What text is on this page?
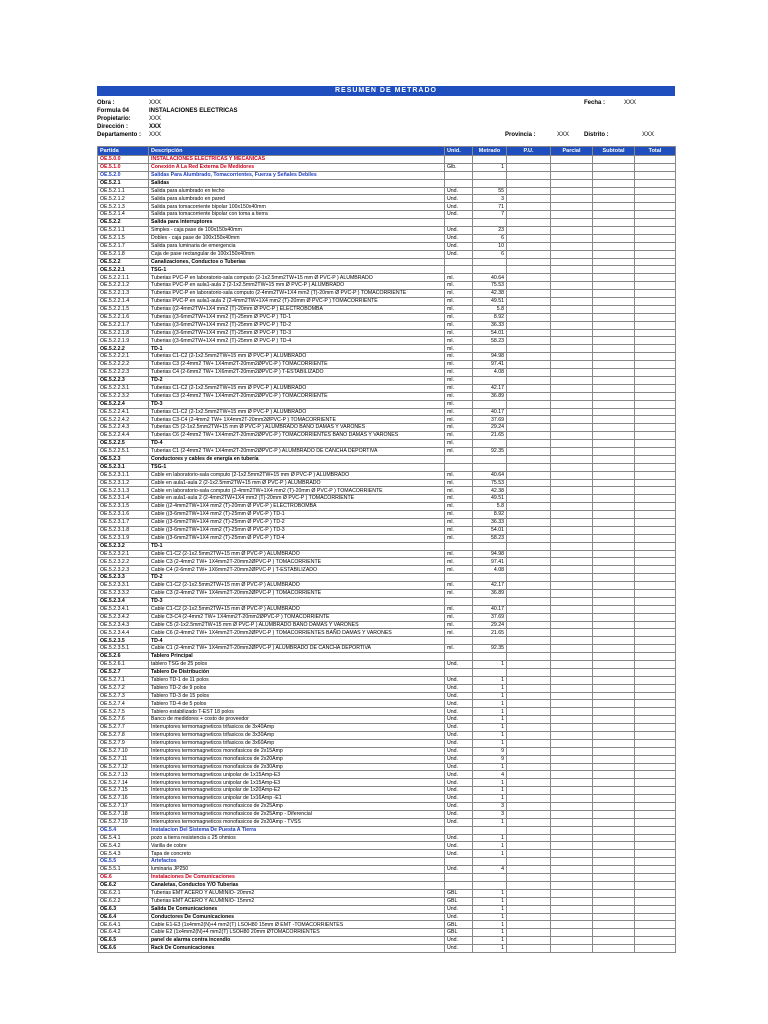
RESUMEN DE METRADO
Obra :	XXX
Formula 04	INSTALACIONES ELECTRICAS
Propietario:	XXX
Dirección :	XXX
Departamento : XXX
Fecha :	XXX
Provincia :	XXX Distrito :	XXX
Partida	Descripción	Unid.	Metrado	P.U.	Parcial	Subtotal	Total
OE.5.0.0	INSTALACIONES ELECTRICAS Y MECANICAS						
OE.5.1.0	Conexión A La Red Externa De Medidores	Glb.	1				
OE.5.2.0	Salidas Para Alumbrado, Tomacorrientes, Fuerza y Señales Debiles						
OE.5.2.1	Salidas						
OE.5.2.1.1	Salida para alumbrado en techo	Und.	55				
OE.5.2.1.2	Salida para alumbrado en pared	Und.	3				
OE.5.2.1.3	Salida para tomacorriente bipolar 100x150x40mm	Und.	71				
OE.5.2.1.4	Salida para tomacorriente bipolar con toma a tierra	Und.	7				
OE.5.2.2	Salida para interruptores						
OE.5.2.1.1	Simples - caja pase de 100x150x40mm	Und.	23				
OE.5.2.1.5	Dobles - caja pase de 100x150x40mm	Und.	6				
OE.5.2.1.7	Salida para luminaria de emergencia	Und.	10				
OE.5.2.1.8	Caja de pase rectangular de 100x150x40mm	Und.	6				
OE.5.2.2	Canalizaciones, Conductos o Tuberias						
OE.5.2.2.1	TSG-1						
OE.5.2.2.1.1	Tuberias PVC-P en laboratorio-sala computo (2-1x2.5mm2TW+15 mm Ø PVC-P ) ALUMBRADO	ml.	40.64				
OE.5.2.2.1.2	Tuberias PVC-P en aula1-aula 2 (2-1x2.5mm2TW+15 mm Ø PVC-P ) ALUMBRADO	ml.	75.53				
OE.5.2.2.1.3	Tuberias PVC-P en laboratorio-sala computo (2-4mm2TW+1X4 mm2 (T)-20mm Ø PVC-P ) TOMACORRIENTE	ml.	42.38				
OE.5.2.2.1.4	Tuberias PVC-P en aula1-aula 2 (2-4mm2TW+1X4 mm2 (T)-20mm Ø PVC-P ) TOMACORRIENTE	ml.	49.51				
OE.5.2.2.1.5	Tuberias ((2-4mm2TW+1X4 mm2 (T)-20mm Ø PVC-P ) ELECTROBOMBA	ml.	5.8				
OE.5.2.2.1.6	Tuberias ((3-6mm2TW+1X4 mm2 (T)-25mm Ø PVC-P ) TD-1	ml.	8.92				
OE.5.2.2.1.7	Tuberias ((3-6mm2TW+1X4 mm2 (T)-25mm Ø PVC-P ) TD-2	ml.	36.33				
OE.5.2.2.1.8	Tuberias ((3-6mm2TW+1X4 mm2 (T)-25mm Ø PVC-P ) TD-3	ml.	54.01				
OE.5.2.2.1.9	Tuberias ((3-6mm2TW+1X4 mm2 (T)-25mm Ø PVC-P ) TD-4	ml.	58.23				
OE.5.2.2.2	TD-1	ml.					
OE.5.2.2.2.1	Tuberias C1-C2 (2-1x2.5mm2TW+15 mm Ø PVC-P ) ALUMBRADO	ml.	94.98				
OE.5.2.2.2.2	Tuberias C3 (2-4mm2 TW+ 1X4mm2T-20mm2ØPVC-P ) TOMACORRIENTE	ml.	97.41				
OE.5.2.2.2.3	Tuberias C4 (2-6mm2 TW+ 1X6mm2T-20mm2ØPVC-P ) T-ESTABILIZADO	ml.	4.08				
OE.5.2.2.3	TD-2	ml.					
OE.5.2.2.3.1	Tuberias C1-C2 (2-1x2.5mm2TW+15 mm Ø PVC-P ) ALUMBRADO	ml.	42.17				
OE.5.2.2.3.2	Tuberias C3 (2-4mm2 TW+ 1X4mm2T-20mm2ØPVC-P ) TOMACORRIENTE	ml.	36.89				
OE.5.2.2.4	TD-3	ml.					
OE.5.2.2.4.1	Tuberias C1-C2 (2-1x2.5mm2TW+15 mm Ø PVC-P ) ALUMBRADO	ml.	40.17				
OE.5.2.2.4.2	Tuberias C3-C4 (2-4mm2 TW+ 1X4mm2T-20mm2ØPVC-P ) TOMACORRIENTE	ml.	37.69				
OE.5.2.2.4.3	Tuberias C5 (2-1x2.5mm2TW+15 mm Ø PVC-P ) ALUMBRADO BAÑO DAMAS Y VARONES	ml.	29.24				
OE.5.2.2.4.4	Tuberias C6 (2-4mm2 TW+ 1X4mm2T-20mm2ØPVC-P ) TOMACORRIENTES BAÑO DAMAS Y VARONES	ml.	21.65				
OE.5.2.2.5	TD-4	ml.					
OE.5.2.2.5.1	Tuberias C1 (2-4mm2 TW+ 1X4mm2T-20mm2ØPVC-P ) ALUMBRADO DE CANCHA DEPORTIVA	ml.	92.35				
OE.5.2.3	Conductores y cables de energía en tubería						
OE.5.2.3.1	TSG-1						
OE.5.2.3.1.1	Cable en laboratorio-sala computo (2-1x2.5mm2TW+15 mm Ø PVC-P ) ALUMBRADO	ml.	40.64				
OE.5.2.3.1.2	Cable en aula1-aula 2 (2-1x2.5mm2TW+15 mm Ø PVC-P ) ALUMBRADO	ml.	75.53				
OE.5.2.3.1.3	Cable en laboratorio-sala computo (2-4mm2TW+1X4 mm2 (T)-20mm Ø PVC-P ) TOMACORRIENTE	ml.	42.38				
OE.5.2.3.1.4	Cable en aula1-aula 2 (2-4mm2TW+1X4 mm2 (T)-20mm Ø PVC-P ) TOMACORRIENTE	ml.	49.51				
OE.5.2.3.1.5	Cable ((2-4mm2TW+1X4 mm2 (T)-20mm Ø PVC-P ) ELECTROBOMBA	ml.	5.8				
OE.5.2.3.1.6	Cable ((3-6mm2TW+1X4 mm2 (T)-25mm Ø PVC-P ) TD-1	ml.	8.92				
OE.5.2.3.1.7	Cable ((3-6mm2TW+1X4 mm2 (T)-25mm Ø PVC-P ) TD-2	ml.	36.33				
OE.5.2.3.1.8	Cable ((3-6mm2TW+1X4 mm2 (T)-25mm Ø PVC-P ) TD-3	ml.	54.01				
OE.5.2.3.1.9	Cable ((3-6mm2TW+1X4 mm2 (T)-25mm Ø PVC-P ) TD-4	ml.	58.23				
OE.5.2.3.2	TD-1						
OE.5.2.3.2.1	Cable C1-C2 (2-1x2.5mm2TW+15 mm Ø PVC-P ) ALUMBRADO	ml.	94.98				
OE.5.2.3.2.2	Cable C3 (2-4mm2 TW+ 1X4mm2T-20mm2ØPVC-P ) TOMACORRIENTE	ml.	97.41				
OE.5.2.3.2.3	Cable C4 (2-6mm2 TW+ 1X6mm2T-20mm2ØPVC-P ) T-ESTABILIZADO	ml.	4.08				
OE.5.2.3.3	TD-2						
OE.5.2.3.3.1	Cable C1-C2 (2-1x2.5mm2TW+15 mm Ø PVC-P ) ALUMBRADO	ml.	42.17				
OE.5.2.3.3.2	Cable C3 (2-4mm2 TW+ 1X4mm2T-20mm2ØPVC-P ) TOMACORRIENTE	ml.	36.89				
OE.5.2.3.4	TD-3						
OE.5.2.3.4.1	Cable C1-C2 (2-1x2.5mm2TW+15 mm Ø PVC-P ) ALUMBRADO	ml.	40.17				
OE.5.2.3.4.2	Cable C3-C4 (2-4mm2 TW+ 1X4mm2T-20mm2ØPVC-P ) TOMACORRIENTE	ml.	37.69				
OE.5.2.3.4.3	Cable C5 (2-1x2.5mm2TW+15 mm Ø PVC-P ) ALUMBRADO BAÑO DAMAS Y VARONES	ml.	29.24				
OE.5.2.3.4.4	Cable C6 (2-4mm2 TW+ 1X4mm2T-20mm2ØPVC-P ) TOMACORRIENTES BAÑO DAMAS Y VARONES	ml.	21.65				
OE.5.2.3.5	TD-4						
OE.5.2.3.5.1	Cable C1 (2-4mm2 TW+ 1X4mm2T-20mm2ØPVC-P ) ALUMBRADO DE CANCHA DEPORTIVA	ml.	92.35				
OE.5.2.6	Tablero Principal						
OE.5.2.6.1	tablero TSG de 25 polos	Und.	1				
OE.5.2.7	Tablero De Distribución						
OE.5.2.7.1	Tablero TD-1 de 11 polos	Und.	1				
OE.5.2.7.2	Tablero TD-2 de 9 polos	Und.	1				
OE.5.2.7.3	Tablero TD-3 de 15 polos	Und.	1				
OE.5.2.7.4	Tablero TD-4 de 5 polos	Und.	1				
OE.5.2.7.5	Tablero estabilizado T-EST 18 polos	Und.	1				
OE.5.2.7.6	Banco de medidores + costo de proveedor	Und.	1				
OE.5.2.7.7	Interruptores termomagneticos trifasicos de 3x40Amp	Und.	1				
OE.5.2.7.8	Interruptores termomagneticos trifasicos de 3x30Amp	Und.	1				
OE.5.2.7.9	Interruptores termomagneticos trifasicos de 3x60Amp	Und.	1				
OE.5.2.7.10	Interruptores termomagneticos monofasicos de 2x15Amp	Und.	9				
OE.5.2.7.11	Interruptores termomagneticos monofasicos de 2x20Amp	Und.	9				
OE.5.2.7.12	Interruptores termomagneticos monofasicos de 2x30Amp	Und.	1				
OE.5.2.7.13	Interruptores termomagneticos unipolar de 1x15Amp-E3	Und.	4				
OE.5.2.7.14	Interruptores termomagneticos unipolar de 1x15Amp-E3	Und.	1				
OE.5.2.7.15	Interruptores termomagneticos unipolar de 1x20Amp-E2	Und.	1				
OE.5.2.7.16	Interruptores termomagneticos unipolar de 1x16Amp -E1	Und.	1				
OE.5.2.7.17	Interruptores termomagneticos monofasicos de 2x25Amp	Und.	3				
OE.5.2.7.18	Interruptores termomagneticos monofasicos de 2x25Amp - Diferencial	Und.	3				
OE.5.2.7.19	Interruptores termomagneticos monofasicos de 2x20Amp - TVSS	Und.	1				
OE.5.4	Instalacion Del Sistema De Puesta A Tierra						
OE.5.4.1	pozo a tierra resistencia ≤ 25 ohmios	Und.	1				
OE.5.4.2	Varilla de cobre	Und.	1				
OE.5.4.3	Tapa de concreto	Und.	1				
OE.5.5	Artefactos						
OE.5.5.1	luminaria JP250	Und.	4				
OE.6	Instalaciones De Comunicaciones						
OE.6.2	Canaletas, Conductos Y/O Tuberias						
OE.6.2.1	Tuberias EMT ACERO Y ALUMINIO- 20mm2	GBL	1				
OE.6.2.2	Tuberias EMT ACERO Y ALUMINIO- 15mm2	GBL	1				
OE.6.3	Salida De Comunicaciones	Und.	1				
OE.6.4	Conductores De Comunicaciones	Und.	1				
OE.6.4.1	Cable E1-E3 (1x4mm2(N)+4 mm2(T) LSOH80 15mm Ø EMT -TOMACORRIENTES	GBL	1				
OE.6.4.2	Cable E2 (1x4mm2(N)+4 mm2(T) LSOH80 20mm ØTOMACORRIENTES	GBL	1				
OE.6.5	panel de alarma contra incendio	Und.	1				
OE.6.6	Rack De Comunicaciones	Und.	1				
